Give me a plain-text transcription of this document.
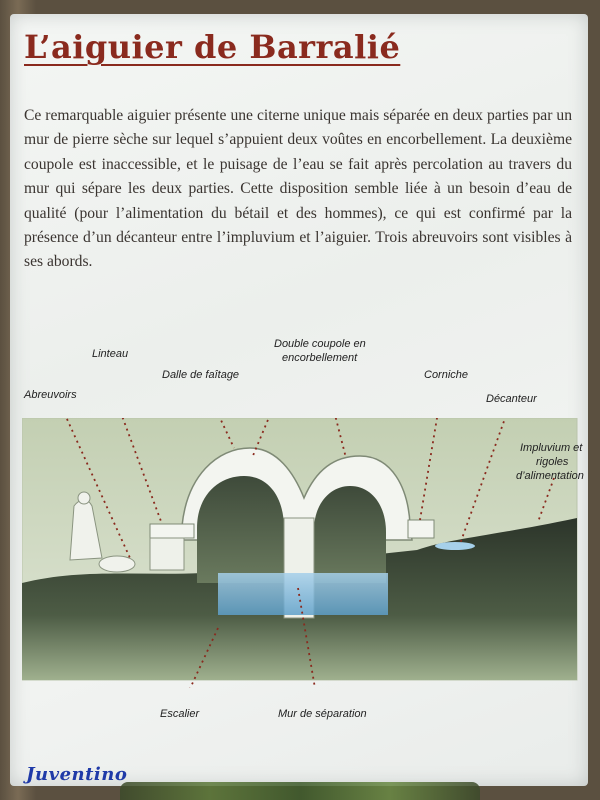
L’aiguier de Barralié
Ce remarquable aiguier présente une citerne unique mais séparée en deux parties par un mur de pierre sèche sur lequel s’appuient deux voûtes en encorbellement. La deuxième coupole est inaccessible, et le puisage de l’eau se fait après percolation au travers du mur qui sépare les deux parties. Cette disposition semble liée à un besoin d’eau de qualité (pour l’alimentation du bétail et des hommes), ce qui est confirmé par la présence d’un décanteur entre l’impluvium et l’aiguier. Trois abreuvoirs sont visibles à ses abords.
Linteau
Double coupole en
encorbellement
Dalle de faîtage
Abreuvoirs
Corniche
Décanteur
Impluvium et
rigoles
d’alimentation
Escalier	Mur de séparation
Juventino
